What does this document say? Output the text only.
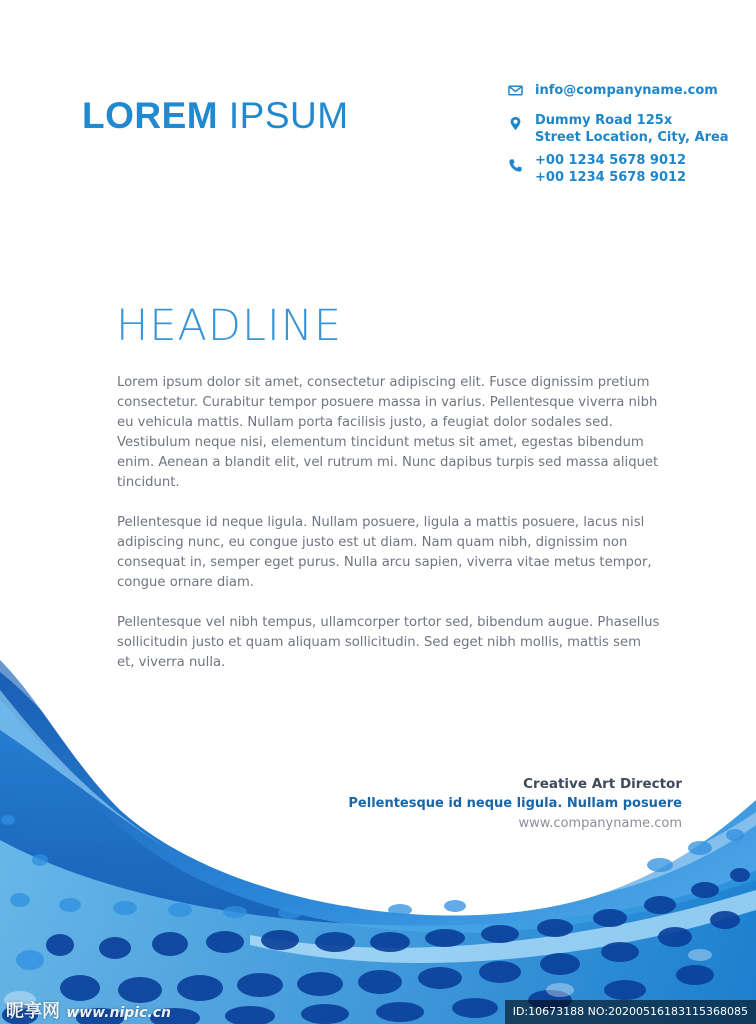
LOREM IPSUM
info@companyname.com
Dummy Road 125x
Street Location, City, Area
+00 1234 5678 9012
+00 1234 5678 9012
HEADLINE
Lorem ipsum dolor sit amet, consectetur adipiscing elit. Fusce dignissim pretium
consectetur. Curabitur tempor posuere massa in varius. Pellentesque viverra nibh
eu vehicula mattis. Nullam porta facilisis justo, a feugiat dolor sodales sed.
Vestibulum neque nisi, elementum tincidunt metus sit amet, egestas bibendum
enim. Aenean a blandit elit, vel rutrum mi. Nunc dapibus turpis sed massa aliquet
tincidunt.
Pellentesque id neque ligula. Nullam posuere, ligula a mattis posuere, lacus nisl
adipiscing nunc, eu congue justo est ut diam. Nam quam nibh, dignissim non
consequat in, semper eget purus. Nulla arcu sapien, viverra vitae metus tempor,
congue ornare diam.
Pellentesque vel nibh tempus, ullamcorper tortor sed, bibendum augue. Phasellus
sollicitudin justo et quam aliquam sollicitudin. Sed eget nibh mollis, mattis sem
et, viverra nulla.
Creative Art Director
Pellentesque id neque ligula. Nullam posuere
www.companyname.com
昵享网 www.nipic.cn	ID:10673188 NO:20200516183115368085
